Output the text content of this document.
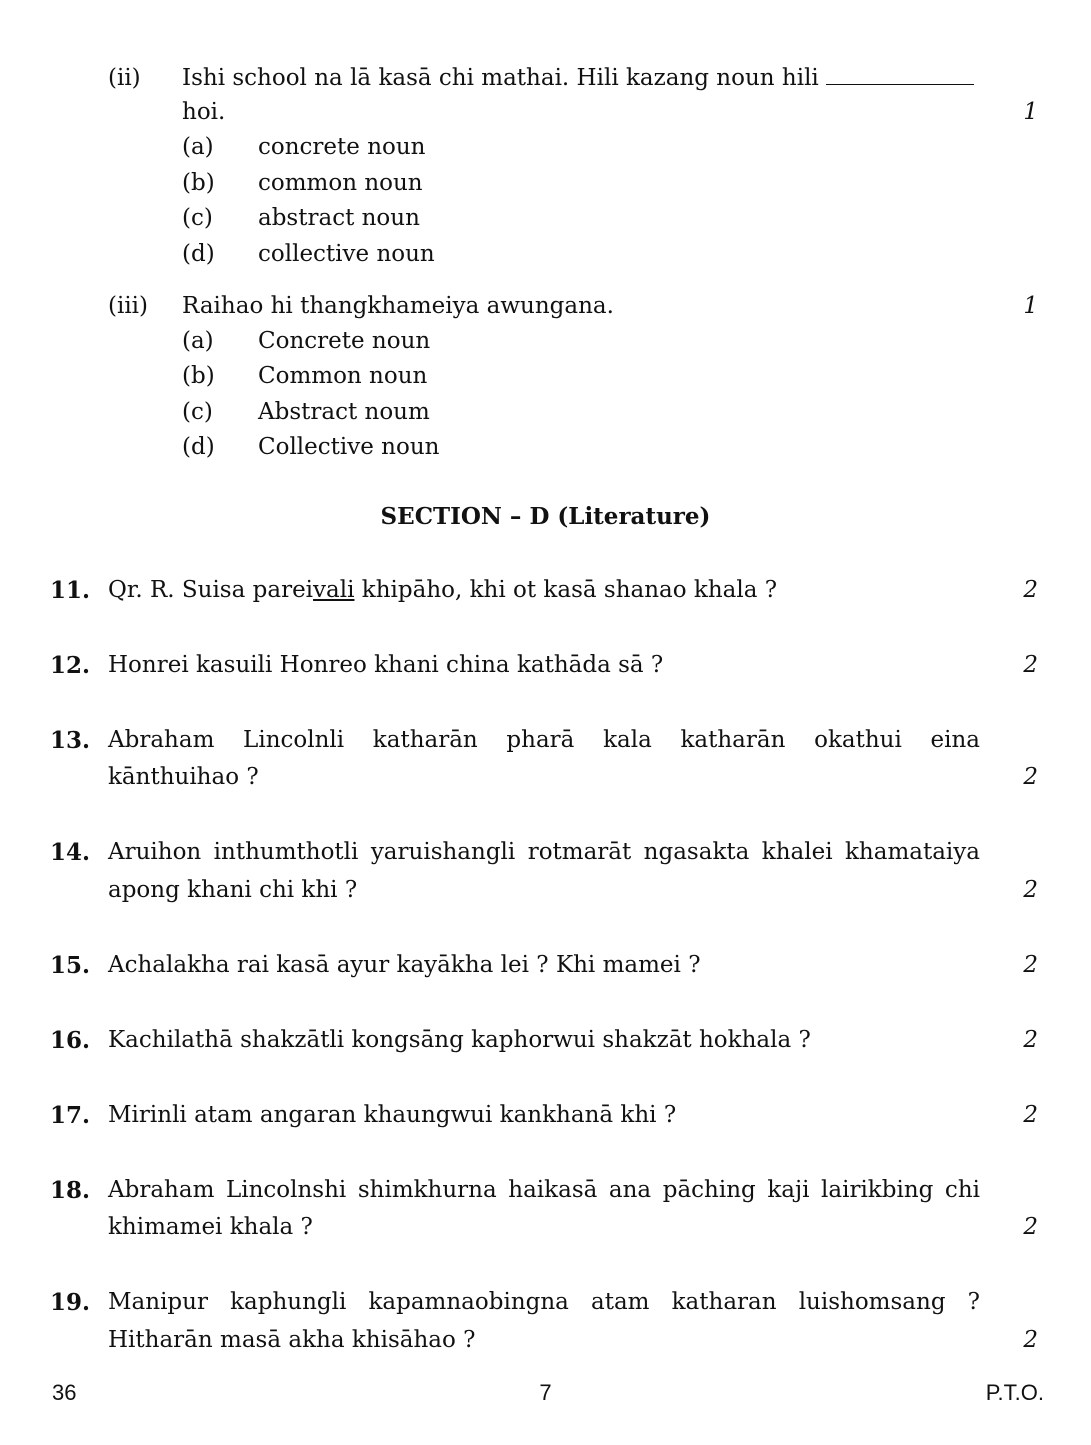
(ii) Ishi school na lā kasā chi mathai. Hili kazang noun hili
hoi.	1
(a) concrete noun
(b) common noun
(c) abstract noun
(d) collective noun
(iii) Raihao hi thangkhameiya awungana.	1
(a) Concrete noun
(b) Common noun
(c) Abstract noum
(d) Collective noun
SECTION – D (Literature)
11. Qr. R. Suisa pareivali khipāho, khi ot kasā shanao khala ?	2
12. Honrei kasuili Honreo khani china kathāda sā ?	2
13. Abraham Lincolnli katharān pharā kala katharān okathui eina
kānthuihao ?	2
14. Aruihon inthumthotli yaruishangli rotmarāt ngasakta khalei khamataiya
apong khani chi khi ?	2
15. Achalakha rai kasā ayur kayākha lei ? Khi mamei ?	2
16. Kachilathā shakzātli kongsāng kaphorwui shakzāt hokhala ?	2
17. Mirinli atam angaran khaungwui kankhanā khi ?	2
18. Abraham Lincolnshi shimkhurna haikasā ana pāching kaji lairikbing chi
khimamei khala ?	2
19. Manipur kaphungli kapamnaobingna atam katharan luishomsang ?
Hitharān masā akha khisāhao ?	2
36	7	P.T.O.
